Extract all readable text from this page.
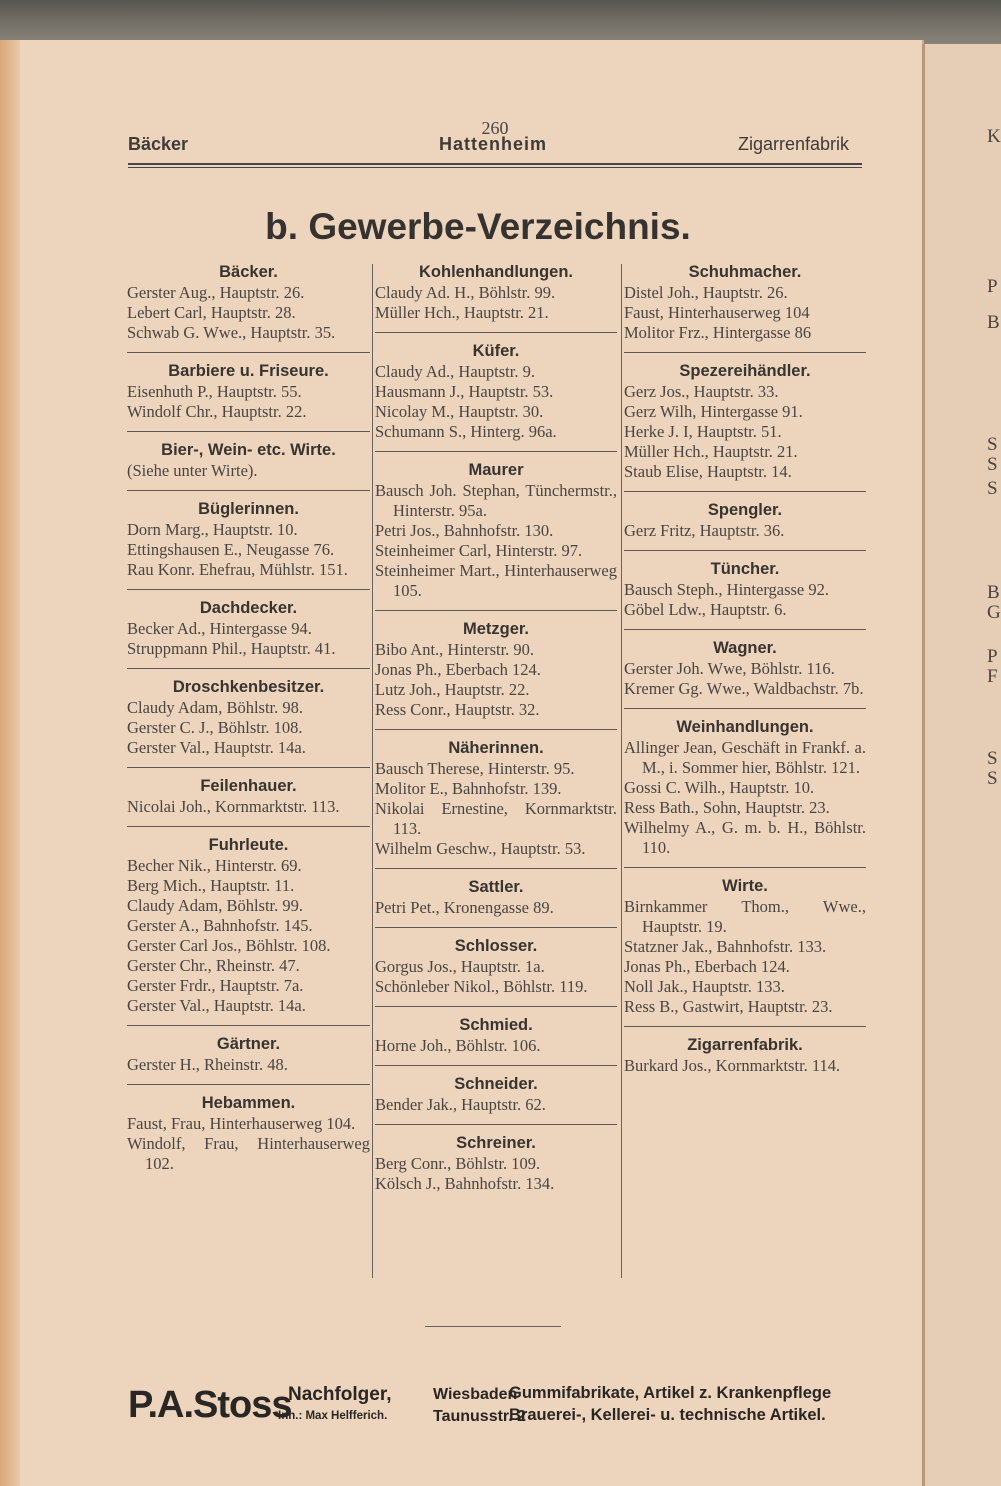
K
P
B
S
S
S
B
G
P
F
S
S
260
Bäcker	Hattenheim	Zigarrenfabrik
b. Gewerbe-Verzeichnis.
Bäcker.
Gerster Aug., Hauptstr. 26.
Lebert Carl, Hauptstr. 28.
Schwab G. Wwe., Hauptstr. 35.
Barbiere u. Friseure.
Eisenhuth P., Hauptstr. 55.
Windolf Chr., Hauptstr. 22.
Bier-, Wein- etc. Wirte.
(Siehe unter Wirte).
Büglerinnen.
Dorn Marg., Hauptstr. 10.
Ettingshausen E., Neugasse 76.
Rau Konr. Ehefrau, Mühlstr. 151.
Dachdecker.
Becker Ad., Hintergasse 94.
Struppmann Phil., Hauptstr. 41.
Droschkenbesitzer.
Claudy Adam, Böhlstr. 98.
Gerster C. J., Böhlstr. 108.
Gerster Val., Hauptstr. 14a.
Feilenhauer.
Nicolai Joh., Kornmarktstr. 113.
Fuhrleute.
Becher Nik., Hinterstr. 69.
Berg Mich., Hauptstr. 11.
Claudy Adam, Böhlstr. 99.
Gerster A., Bahnhofstr. 145.
Gerster Carl Jos., Böhlstr. 108.
Gerster Chr., Rheinstr. 47.
Gerster Frdr., Hauptstr. 7a.
Gerster Val., Hauptstr. 14a.
Gärtner.
Gerster H., Rheinstr. 48.
Hebammen.
Faust, Frau, Hinterhauserweg 104.
Windolf, Frau, Hinterhauserweg 102.
Kohlenhandlungen.
Claudy Ad. H., Böhlstr. 99.
Müller Hch., Hauptstr. 21.
Küfer.
Claudy Ad., Hauptstr. 9.
Hausmann J., Hauptstr. 53.
Nicolay M., Hauptstr. 30.
Schumann S., Hinterg. 96a.
Maurer
Bausch Joh. Stephan, Tünchermstr., Hinterstr. 95a.
Petri Jos., Bahnhofstr. 130.
Steinheimer Carl, Hinterstr. 97.
Steinheimer Mart., Hinterhauserweg 105.
Metzger.
Bibo Ant., Hinterstr. 90.
Jonas Ph., Eberbach 124.
Lutz Joh., Hauptstr. 22.
Ress Conr., Hauptstr. 32.
Näherinnen.
Bausch Therese, Hinterstr. 95.
Molitor E., Bahnhofstr. 139.
Nikolai Ernestine, Kornmarktstr. 113.
Wilhelm Geschw., Hauptstr. 53.
Sattler.
Petri Pet., Kronengasse 89.
Schlosser.
Gorgus Jos., Hauptstr. 1a.
Schönleber Nikol., Böhlstr. 119.
Schmied.
Horne Joh., Böhlstr. 106.
Schneider.
Bender Jak., Hauptstr. 62.
Schreiner.
Berg Conr., Böhlstr. 109.
Kölsch J., Bahnhofstr. 134.
Schuhmacher.
Distel Joh., Hauptstr. 26.
Faust, Hinterhauserweg 104
Molitor Frz., Hintergasse 86
Spezereihändler.
Gerz Jos., Hauptstr. 33.
Gerz Wilh, Hintergasse 91.
Herke J. I, Hauptstr. 51.
Müller Hch., Hauptstr. 21.
Staub Elise, Hauptstr. 14.
Spengler.
Gerz Fritz, Hauptstr. 36.
Tüncher.
Bausch Steph., Hintergasse 92.
Göbel Ldw., Hauptstr. 6.
Wagner.
Gerster Joh. Wwe, Böhlstr. 116.
Kremer Gg. Wwe., Waldbachstr. 7b.
Weinhandlungen.
Allinger Jean, Geschäft in Frankf. a. M., i. Sommer hier, Böhlstr. 121.
Gossi C. Wilh., Hauptstr. 10.
Ress Bath., Sohn, Hauptstr. 23.
Wilhelmy A., G. m. b. H., Böhlstr. 110.
Wirte.
Birnkammer Thom., Wwe., Hauptstr. 19.
Statzner Jak., Bahnhofstr. 133.
Jonas Ph., Eberbach 124.
Noll Jak., Hauptstr. 133.
Ress B., Gastwirt, Hauptstr. 23.
Zigarrenfabrik.
Burkard Jos., Kornmarktstr. 114.
P.A.Stoss
Nachfolger,
Inh.: Max Helfferich.
Wiesbaden
Taunusstr. 2
Gummifabrikate, Artikel z. Krankenpflege
Brauerei-, Kellerei- u. technische Artikel.
